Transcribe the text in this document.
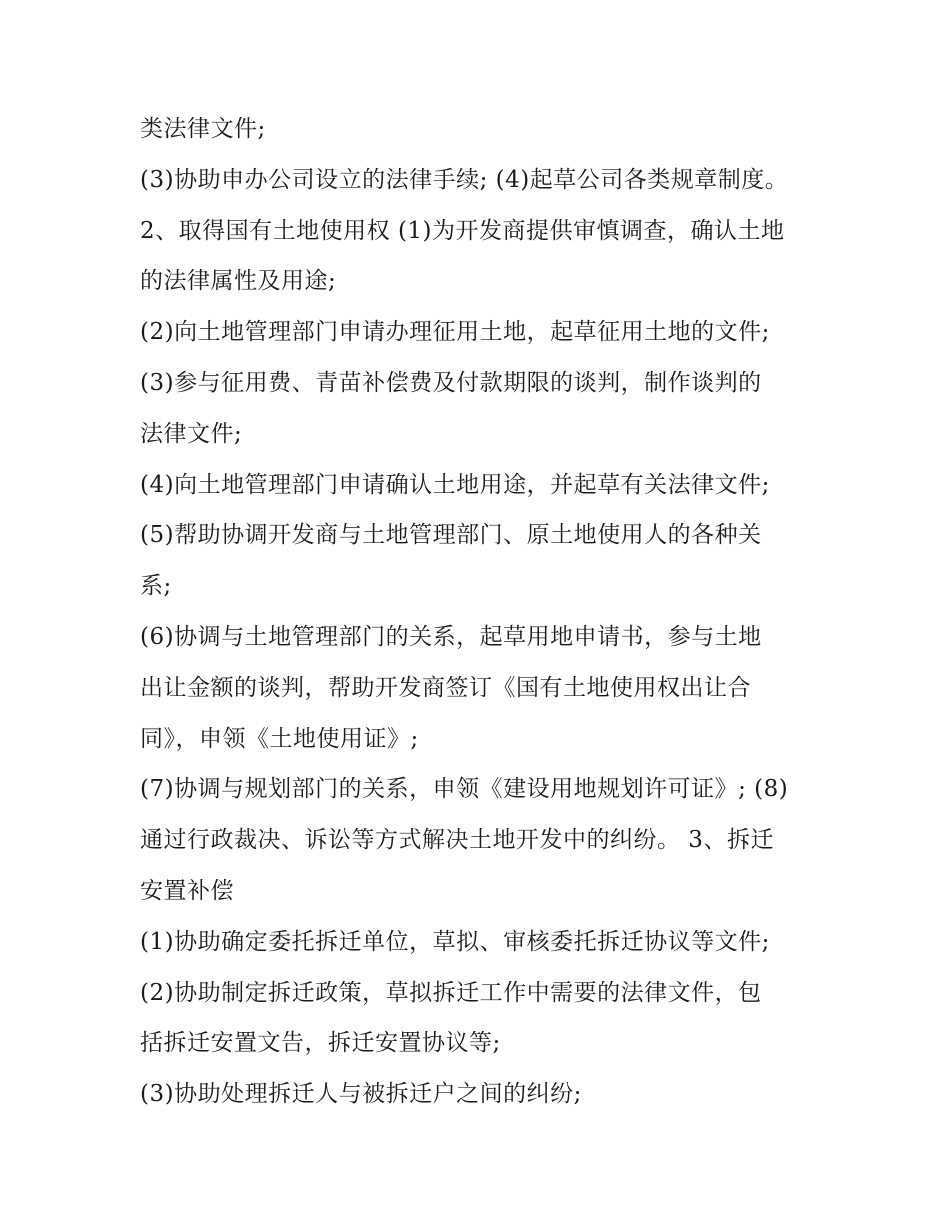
类法律文件;
(3)协助申办公司设立的法律手续; (4)起草公司各类规章制度。
2、取得国有土地使用权 (1)为开发商提供审慎调查，确认土地
的法律属性及用途;
(2)向土地管理部门申请办理征用土地，起草征用土地的文件;
(3)参与征用费、青苗补偿费及付款期限的谈判，制作谈判的
法律文件;
(4)向土地管理部门申请确认土地用途，并起草有关法律文件;
(5)帮助协调开发商与土地管理部门、原土地使用人的各种关
系;
(6)协调与土地管理部门的关系，起草用地申请书，参与土地
出让金额的谈判，帮助开发商签订《国有土地使用权出让合
同》，申领《土地使用证》;
(7)协调与规划部门的关系，申领《建设用地规划许可证》; (8)
通过行政裁决、诉讼等方式解决土地开发中的纠纷。 3、拆迁
安置补偿
(1)协助确定委托拆迁单位，草拟、审核委托拆迁协议等文件;
(2)协助制定拆迁政策，草拟拆迁工作中需要的法律文件，包
括拆迁安置文告，拆迁安置协议等;
(3)协助处理拆迁人与被拆迁户之间的纠纷;
